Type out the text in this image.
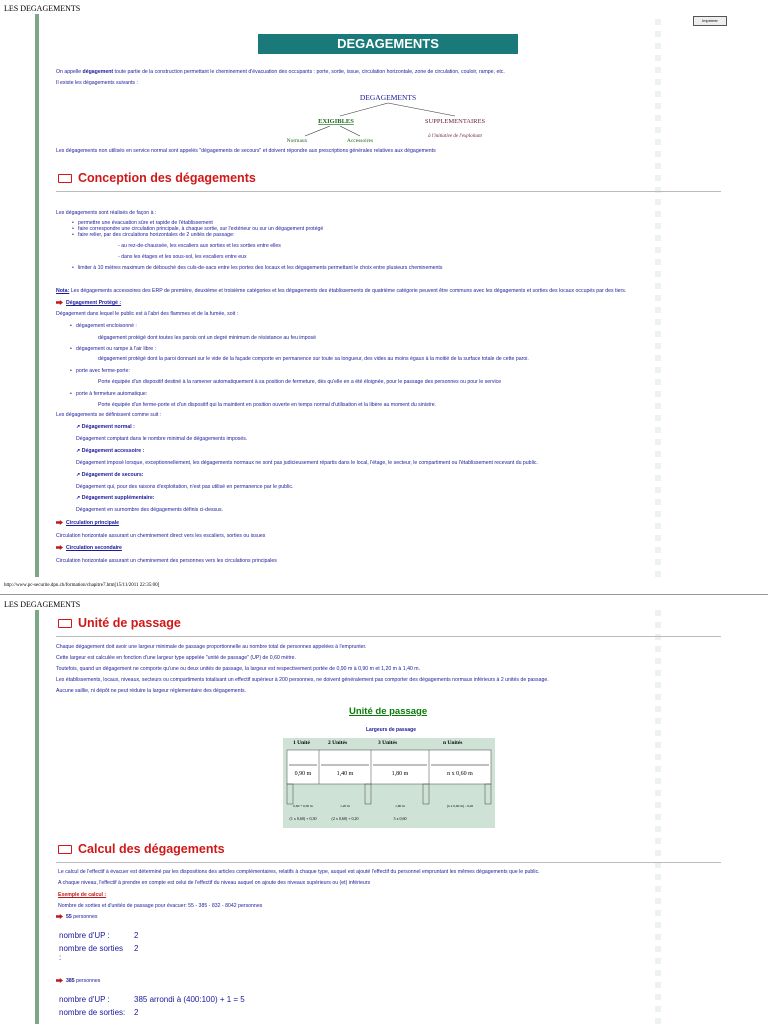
LES DEGAGEMENTS
Imprimer
DEGAGEMENTS
On appelle dégagement toute partie de la construction permettant le cheminement d'évacuation des occupants : porte, sortie, issue, circulation horizontale, zone de circulation, couloir, rampe, etc.
Il existe les dégagements suivants :
DEGAGEMENTS
EXIGIBLES	SUPPLEMENTAIRES
à l'initiative de l'exploitant
Normaux	Accessoires
Les dégagements non utilisés en service normal sont appelés "dégagements de secours" et doivent répondre aux prescriptions générales relatives aux dégagements
Conception des dégagements
Les dégagements sont réalisés de façon à :
• permettre une évacuation sûre et rapide de l'établissement
• faire correspondre une circulation principale, à chaque sortie, sur l'extérieur ou sur un dégagement protégé
• faire relier, par des circulations horizontales de 2 unités de passage:
- au rez-de-chaussée, les escaliers aux sorties et les sorties entre elles
- dans les étages et les sous-sol, les escaliers entre eux
• limiter à 10 mètres maximum de débouché des culs-de-sacs entre les portes des locaux et les dégagements permettant le choix entre plusieurs cheminements
Nota: Les dégagements accessoires des ERP de première, deuxième et troisième catégories et les dégagements des établissements de quatrième catégorie peuvent être communs avec les dégagements et sorties des locaux occupés par des tiers.
Dégagement Protégé :
Dégagement dans lequel le public est à l'abri des flammes et de la fumée, soit :
• dégagement encloisonné :
dégagement protégé dont toutes les parois ont un degré minimum de résistance au feu imposé
• dégagement ou rampe à l'air libre :
dégagement protégé dont la paroi donnant sur le vide de la façade comporte en permanence sur toute sa longueur, des vides au moins égaux à la moitié de la surface totale de cette paroi.
• porte avec ferme-porte:
Porte équipée d'un dispositif destiné à la ramener automatiquement à sa position de fermeture, dès qu'elle en a été éloignée, pour le passage des personnes ou pour le service
• porte à fermeture automatique:
Porte équipée d'un ferme-porte et d'un dispositif qui la maintient en position ouverte en temps normal d'utilisation et la libère au moment du sinistre.
Les dégagements se définissent comme suit :
↗ Dégagement normal :
Dégagement comptant dans le nombre minimal de dégagements imposés.
↗ Dégagement accessoire :
Dégagement imposé lorsque, exceptionnellement, les dégagements normaux ne sont pas judicieusement répartis dans le local, l'étage, le secteur, le compartiment ou l'établissement recevant du public.
↗ Dégagement de secours:
Dégagement qui, pour des raisons d'exploitation, n'est pas utilisé en permanence par le public.
↗ Dégagement supplémentaire:
Dégagement en surnombre des dégagements définis ci-dessus.
Circulation principale
Circulation horizontale assurant un cheminement direct vers les escaliers, sorties ou issues
Circulation secondaire
Circulation horizontale assurant un cheminement des personnes vers les circulations principales
http://www.pc-securite.dpn.ch/formation/chapitre7.htm[15/11/2011 22:35:00]
LES DEGAGEMENTS
Unité de passage
Chaque dégagement doit avoir une largeur minimale de passage proportionnelle au nombre total de personnes appelées à l'emprunter.
Cette largeur est calculée en fonction d'une largeur type appelée "unité de passage" (UP) de 0,60 mètre.
Toutefois, quand un dégagement ne comporte qu'une ou deux unités de passage, la largeur est respectivement portée de 0,90 m à 0,90 m et 1,20 m à 1,40 m.
Les établissements, locaux, niveaux, secteurs ou compartiments totalisant un effectif supérieur à 200 personnes, ne doivent généralement pas comporter des dégagements normaux inférieurs à 2 unités de passage.
Aucune saillie, ni dépôt ne peut réduire la largeur réglementaire des dégagements.
Unité de passage
Largeurs de passage
1 Unité	2 Unités	3 Unités	n Unités
0,90 m	1,40 m	1,80 m	n x 0,60 m
0,60 + 0,30 m	1,20 m	1,80 m	(n x 0,60 m) - 0,20
(1 x 0,60) + 0,30	(2 x 0,60) + 0,20	3 x 0,60
Calcul des dégagements
Le calcul de l'effectif à évacuer est déterminé par les dispositions des articles complémentaires, relatifs à chaque type, auquel est ajouté l'effectif du personnel empruntant les mêmes dégagements que le public.
A chaque niveau, l'effectif à prendre en compte est celui de l'effectif du niveau auquel on ajoute des niveaux supérieurs ou (et) inférieurs
Exemple de calcul :
Nombre de sorties et d'unités de passage pour évacuer: 55 - 385 - 832 - 8042 personnes
55 personnes
nombre d'UP :	2
nombre de sorties
:
2
385 personnes
nombre d'UP :	385 arrondi à (400:100) + 1 = 5
nombre de sorties: 2
